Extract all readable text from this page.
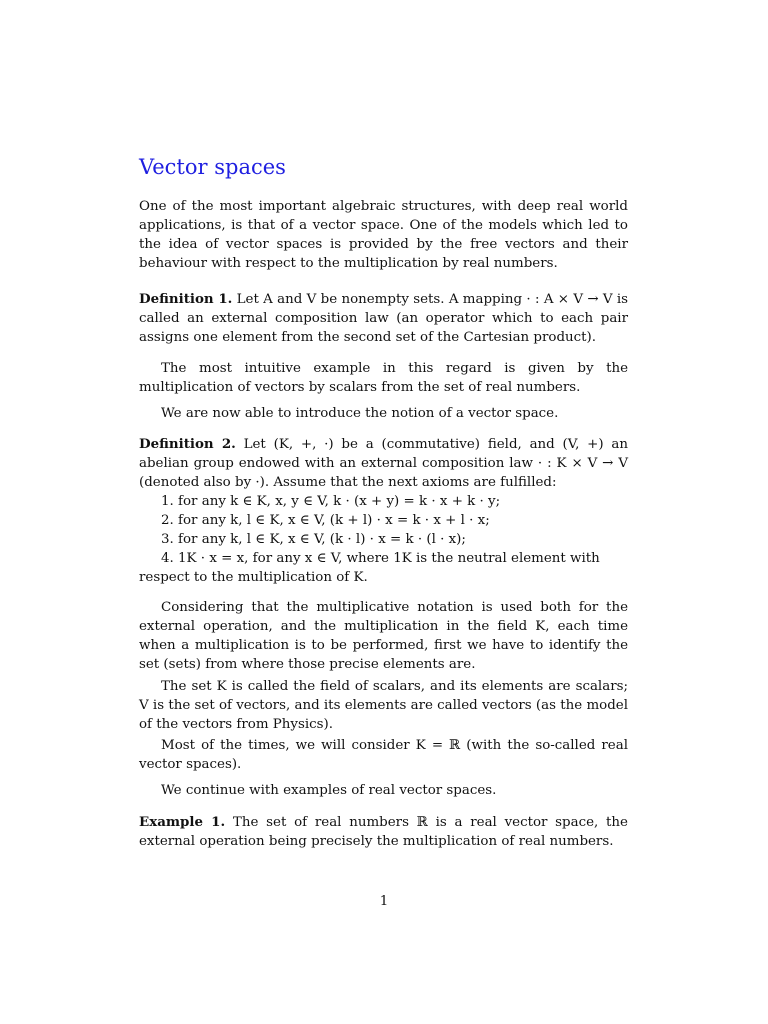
Vector spaces

One of the most important algebraic structures, with deep real world applications, is that of a vector space. One of the models which led to the idea of vector spaces is provided by the free vectors and their behaviour with respect to the multiplication by real numbers.

Definition 1. Let A and V be nonempty sets. A mapping · : A × V → V is called an external composition law (an operator which to each pair assigns one element from the second set of the Cartesian product).

The most intuitive example in this regard is given by the multiplication of vectors by scalars from the set of real numbers.

We are now able to introduce the notion of a vector space.

Definition 2. Let (K, +, ·) be a (commutative) field, and (V, +) an abelian group endowed with an external composition law · : K × V → V (denoted also by ·). Assume that the next axioms are fulfilled:

1. for any k ∈ K, x, y ∈ V, k · (x + y) = k · x + k · y;
2. for any k, l ∈ K, x ∈ V, (k + l) · x = k · x + l · x;
3. for any k, l ∈ K, x ∈ V, (k · l) · x = k · (l · x);
4. 1K · x = x, for any x ∈ V, where 1K is the neutral element with respect to the multiplication of K.

Considering that the multiplicative notation is used both for the external operation, and the multiplication in the field K, each time when a multiplication is to be performed, first we have to identify the set (sets) from where those precise elements are.

The set K is called the field of scalars, and its elements are scalars; V is the set of vectors, and its elements are called vectors (as the model of the vectors from Physics).

Most of the times, we will consider K = ℝ (with the so-called real vector spaces).

We continue with examples of real vector spaces.

Example 1. The set of real numbers ℝ is a real vector space, the external operation being precisely the multiplication of real numbers.

1
